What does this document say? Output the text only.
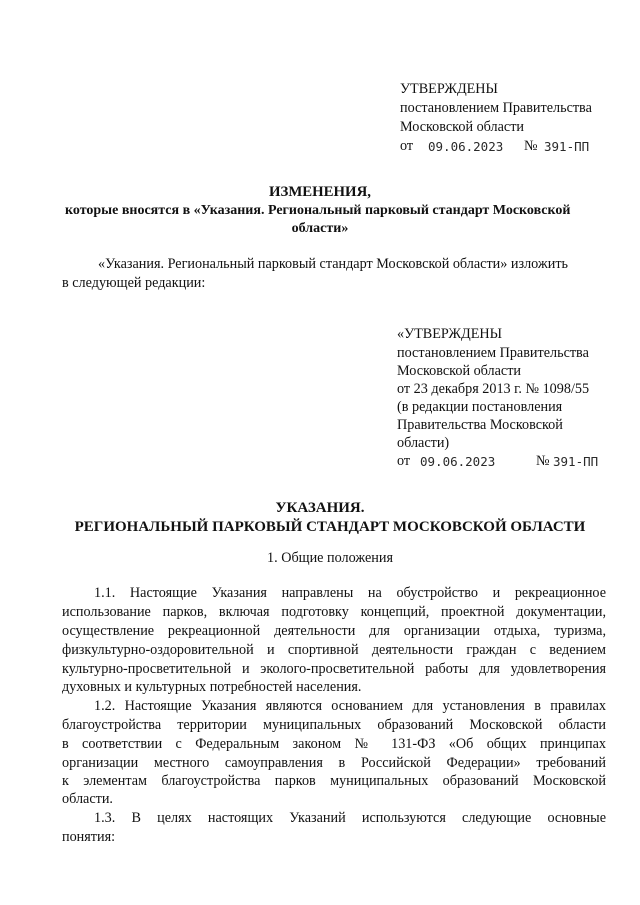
УТВЕРЖДЕНЫ
постановлением Правительства
Московской области
от 09.06.2023 № 391-ПП
ИЗМЕНЕНИЯ,
которые вносятся в «Указания. Региональный парковый стандарт Московской
области»
«Указания. Региональный парковый стандарт Московской области» изложить
в следующей редакции:
«УТВЕРЖДЕНЫ
постановлением Правительства
Московской области
от 23 декабря 2013 г. № 1098/55
(в редакции постановления
Правительства Московской
области)
от 09.06.2023	№ 391-ПП
УКАЗАНИЯ.
РЕГИОНАЛЬНЫЙ ПАРКОВЫЙ СТАНДАРТ МОСКОВСКОЙ ОБЛАСТИ
1. Общие положения
1.1. Настоящие Указания направлены на обустройство и рекреационное
использование парков, включая подготовку концепций, проектной документации,
осуществление рекреационной деятельности для организации отдыха, туризма,
физкультурно-оздоровительной и спортивной деятельности граждан с ведением
культурно-просветительной и эколого-просветительной работы для удовлетворения
духовных и культурных потребностей населения.
1.2. Настоящие Указания являются основанием для установления в правилах
благоустройства территории муниципальных образований Московской области
в соответствии с Федеральным законом № 131-ФЗ «Об общих принципах
организации местного самоуправления в Российской Федерации» требований
к элементам благоустройства парков муниципальных образований Московской
области.
1.3. В целях настоящих Указаний используются следующие основные
понятия:
